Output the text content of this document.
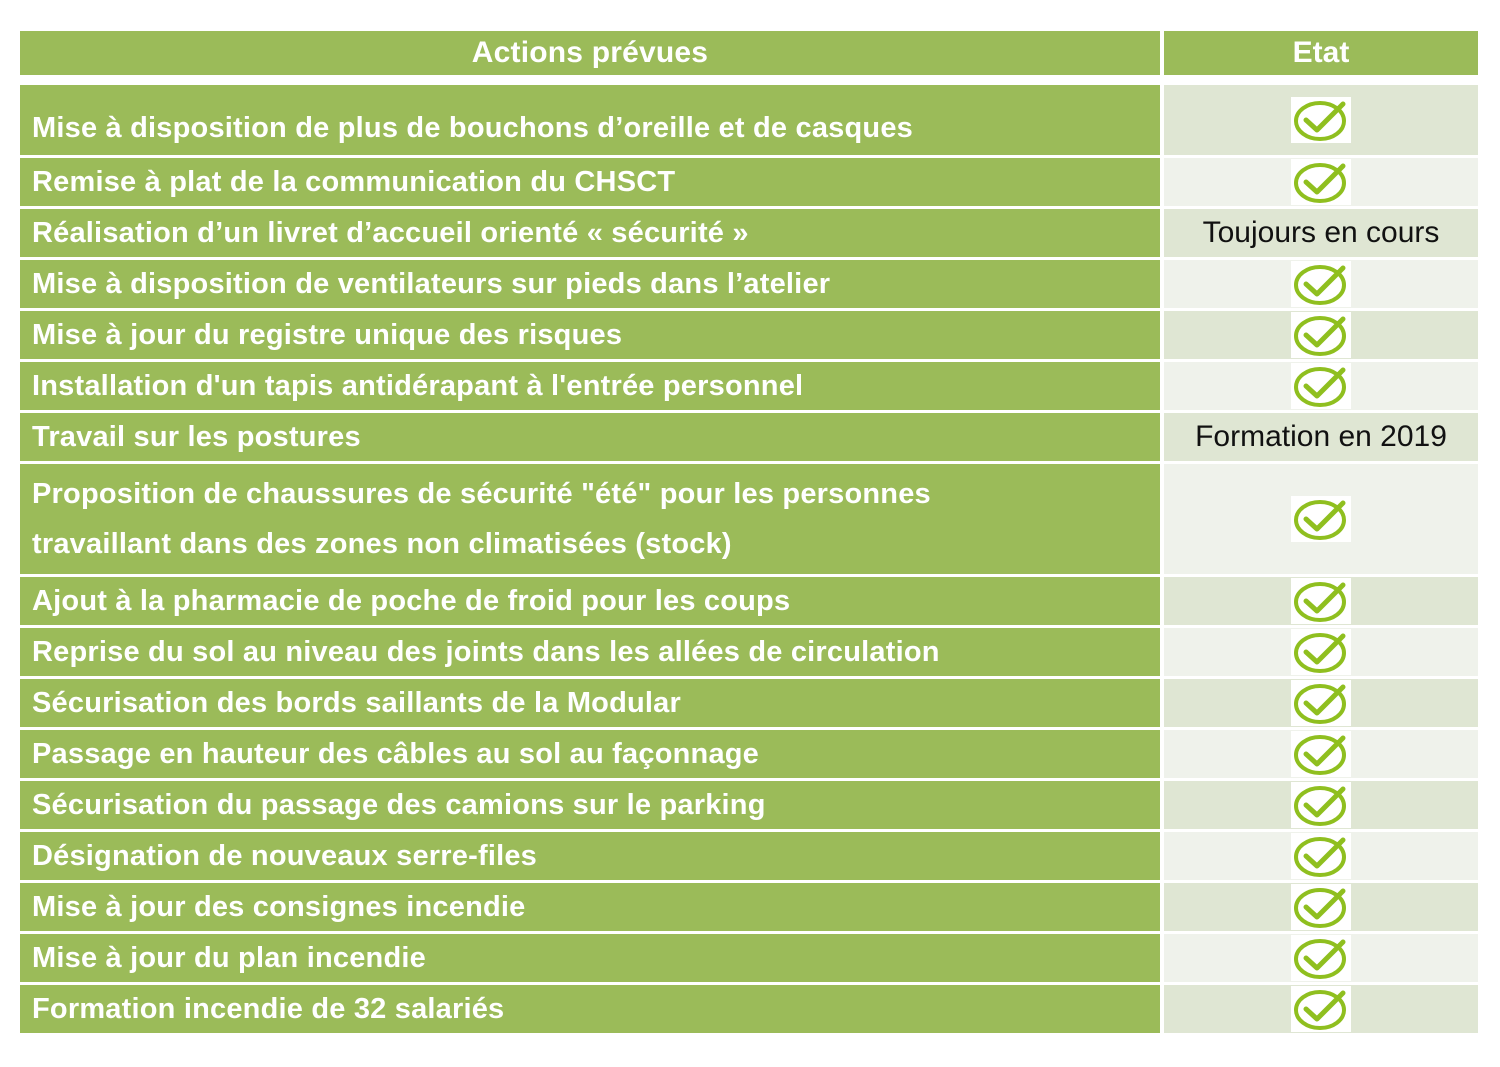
Actions prévues	Etat
Mise à disposition de plus de bouchons d’oreille et de casques
Remise à plat de la communication du CHSCT
Réalisation d’un livret d’accueil orienté « sécurité »	Toujours en cours
Mise à disposition de ventilateurs sur pieds dans l’atelier
Mise à jour du registre unique des risques
Installation d'un tapis antidérapant à l'entrée personnel
Travail sur les postures	Formation en 2019
Proposition de chaussures de sécurité "été" pour les personnes
travaillant dans des zones non climatisées (stock)
Ajout à la pharmacie de poche de froid pour les coups
Reprise du sol au niveau des joints dans les allées de circulation
Sécurisation des bords saillants de la Modular
Passage en hauteur des câbles au sol au façonnage
Sécurisation du passage des camions sur le parking
Désignation de nouveaux serre-files
Mise à jour des consignes incendie
Mise à jour du plan incendie
Formation incendie de 32 salariés
